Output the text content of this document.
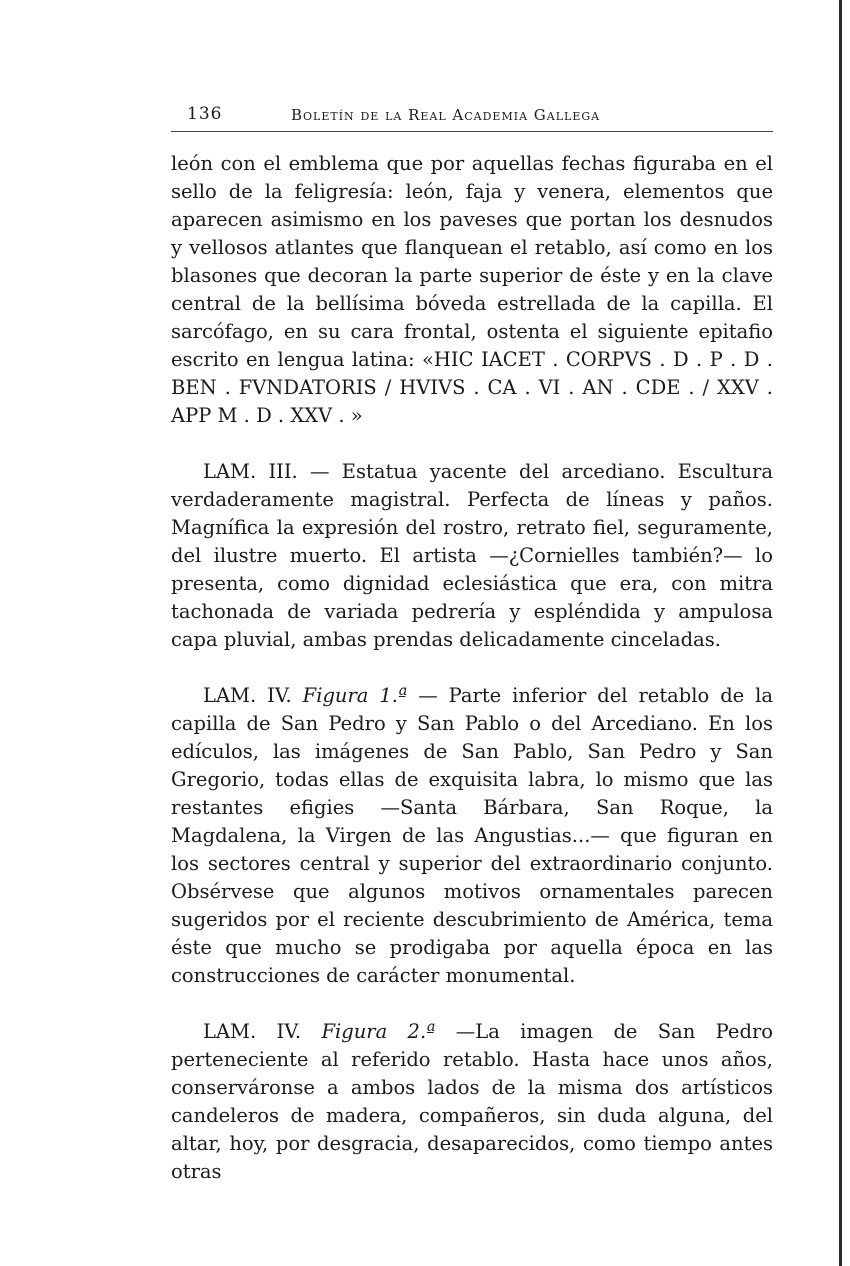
136	Boletín de la Real Academia Gallega

león con el emblema que por aquellas fechas figuraba en el sello de la feligresía: león, faja y venera, elementos que aparecen asimismo en los paveses que portan los desnudos y vellosos atlantes que flanquean el retablo, así como en los blasones que decoran la parte superior de éste y en la clave central de la bellísima bóveda estrellada de la capilla. El sarcófago, en su cara frontal, ostenta el siguiente epitafio escrito en lengua latina: «HIC IACET . CORPVS . D . P . D . BEN . FVNDATORIS / HVIVS . CA . VI . AN . CDE . / XXV . APP M . D . XXV . »

LAM. III. — Estatua yacente del arcediano. Escultura verdaderamente magistral. Perfecta de líneas y paños. Magnífica la expresión del rostro, retrato fiel, seguramente, del ilustre muerto. El artista —¿Cornielles también?— lo presenta, como dignidad eclesiástica que era, con mitra tachonada de variada pedrería y espléndida y ampulosa capa pluvial, ambas prendas delicadamente cinceladas.

LAM. IV. Figura 1.ª — Parte inferior del retablo de la capilla de San Pedro y San Pablo o del Arcediano. En los edículos, las imágenes de San Pablo, San Pedro y San Gregorio, todas ellas de exquisita labra, lo mismo que las restantes efigies —Santa Bárbara, San Roque, la Magdalena, la Virgen de las Angustias...— que figuran en los sectores central y superior del extraordinario conjunto. Obsérvese que algunos motivos ornamentales parecen sugeridos por el reciente descubrimiento de América, tema éste que mucho se prodigaba por aquella época en las construcciones de carácter monumental.

LAM. IV. Figura 2.ª —La imagen de San Pedro perteneciente al referido retablo. Hasta hace unos años, conserváronse a ambos lados de la misma dos artísticos candeleros de madera, compañeros, sin duda alguna, del altar, hoy, por desgracia, desaparecidos, como tiempo antes otras
